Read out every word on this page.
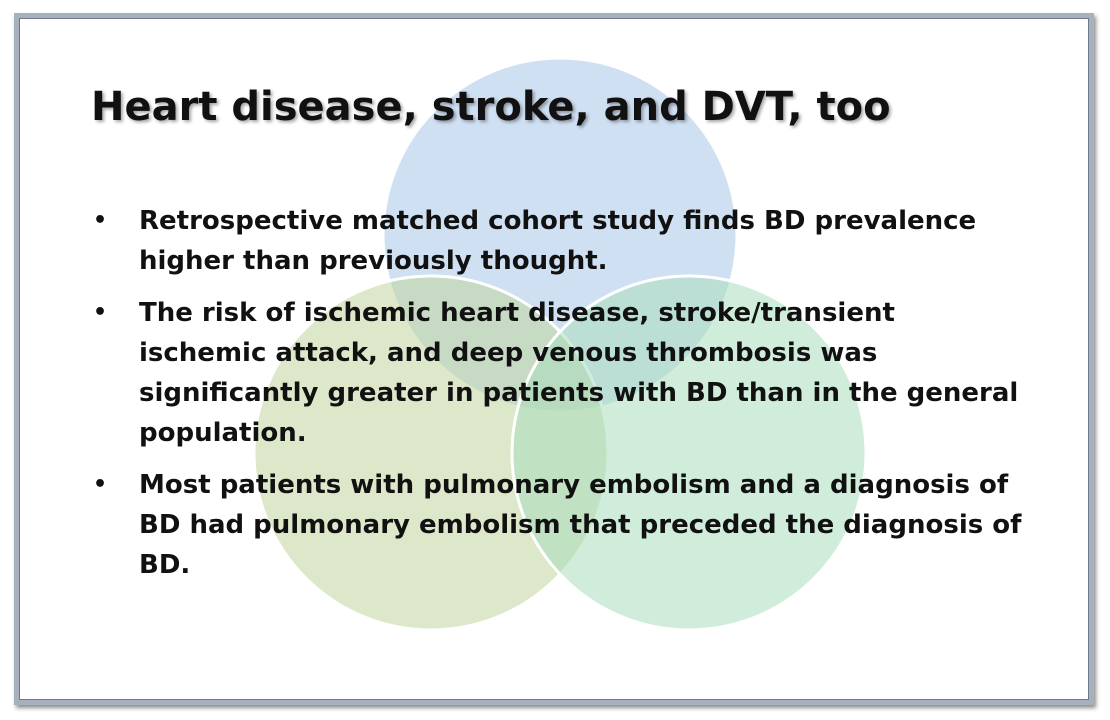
Heart disease, stroke, and DVT, too
• Retrospective matched cohort study finds BD prevalence higher than previously thought.
• The risk of ischemic heart disease, stroke/transient ischemic attack, and deep venous thrombosis was significantly greater in patients with BD than in the general population.
• Most patients with pulmonary embolism and a diagnosis of BD had pulmonary embolism that preceded the diagnosis of BD.
